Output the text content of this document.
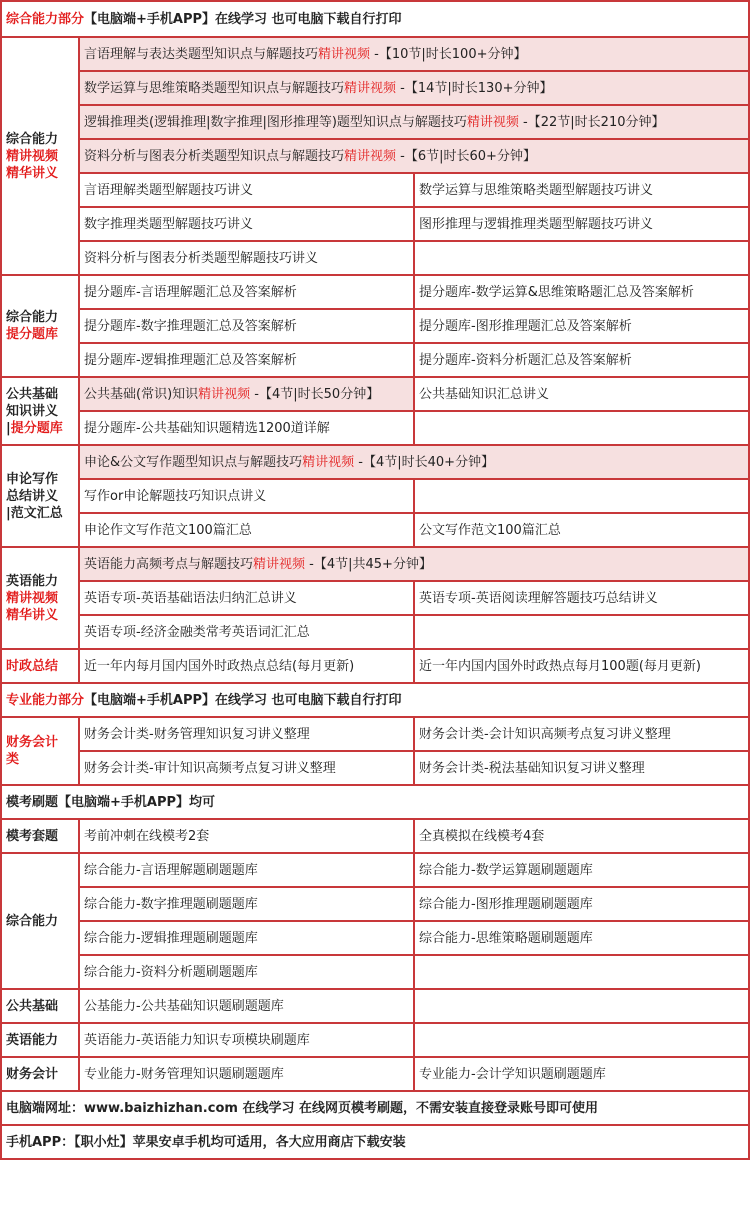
综合能力部分【电脑端+手机APP】在线学习 也可电脑下载自行打印		

综合能力
精讲视频
精华讲义	言语理解与表达类题型知识点与解题技巧精讲视频 -【10节|时长100+分钟】	
	数学运算与思维策略类题型知识点与解题技巧精讲视频 -【14节|时长130+分钟】	
	逻辑推理类(逻辑推理|数字推理|图形推理等)题型知识点与解题技巧精讲视频 -【22节|时长210分钟】	
	资料分析与图表分析类题型知识点与解题技巧精讲视频 -【6节|时长60+分钟】	
	言语理解类题型解题技巧讲义	数学运算与思维策略类题型解题技巧讲义
	数字推理类题型解题技巧讲义	图形推理与逻辑推理类题型解题技巧讲义
	资料分析与图表分析类题型解题技巧讲义	

综合能力
提分题库	提分题库-言语理解题汇总及答案解析	提分题库-数学运算&思维策略题汇总及答案解析
	提分题库-数字推理题汇总及答案解析	提分题库-图形推理题汇总及答案解析
	提分题库-逻辑推理题汇总及答案解析	提分题库-资料分析题汇总及答案解析

公共基础
知识讲义
|提分题库	公共基础(常识)知识精讲视频 -【4节|时长50分钟】	公共基础知识汇总讲义
	提分题库-公共基础知识题精选1200道详解	

申论写作
总结讲义
|范文汇总	申论&公文写作题型知识点与解题技巧精讲视频 -【4节|时长40+分钟】	
	写作or申论解题技巧知识点讲义	
	申论作文写作范文100篇汇总	公文写作范文100篇汇总

英语能力
精讲视频
精华讲义	英语能力高频考点与解题技巧精讲视频 -【4节|共45+分钟】	
	英语专项-英语基础语法归纳汇总讲义	英语专项-英语阅读理解答题技巧总结讲义
	英语专项-经济金融类常考英语词汇汇总	
时政总结	近一年内每月国内国外时政热点总结(每月更新)	近一年内国内国外时政热点每月100题(每月更新)
专业能力部分【电脑端+手机APP】在线学习 也可电脑下载自行打印		

财务会计
类	财务会计类-财务管理知识复习讲义整理	财务会计类-会计知识高频考点复习讲义整理
	财务会计类-审计知识高频考点复习讲义整理	财务会计类-税法基础知识复习讲义整理
模考刷题【电脑端+手机APP】均可		
模考套题	考前冲刺在线模考2套	全真模拟在线模考4套
综合能力	综合能力-言语理解题刷题题库	综合能力-数学运算题刷题题库
	综合能力-数字推理题刷题题库	综合能力-图形推理题刷题题库
	综合能力-逻辑推理题刷题题库	综合能力-思维策略题刷题题库
	综合能力-资料分析题刷题题库	
公共基础	公基能力-公共基础知识题刷题题库	
英语能力	英语能力-英语能力知识专项模块刷题库	
财务会计	专业能力-财务管理知识题刷题题库	专业能力-会计学知识题刷题题库
电脑端网址：www.baizhizhan.com 在线学习 在线网页模考刷题，不需安装直接登录账号即可使用		
手机APP：【职小灶】苹果安卓手机均可适用，各大应用商店下载安装		
